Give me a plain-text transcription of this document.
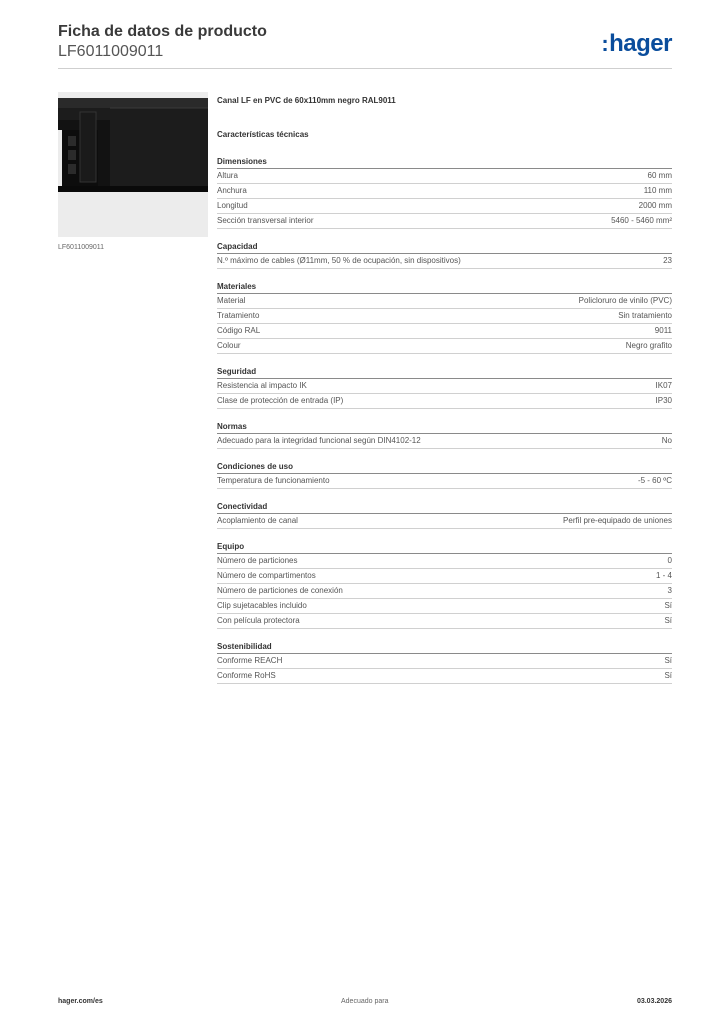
Ficha de datos de producto
LF6011009011	:hager
LF6011009011
Canal LF en PVC de 60x110mm negro RAL9011
Características técnicas
Dimensiones
Altura	60 mm
Anchura	110 mm
Longitud	2000 mm
Sección transversal interior	5460 - 5460 mm²
Capacidad
N.º máximo de cables (Ø11mm, 50 % de ocupación, sin dispositivos)	23
Materiales
Material	Policloruro de vinilo (PVC)
Tratamiento	Sin tratamiento
Código RAL	9011
Colour	Negro grafito
Seguridad
Resistencia al impacto IK	IK07
Clase de protección de entrada (IP)	IP30
Normas
Adecuado para la integridad funcional según DIN4102-12	No
Condiciones de uso
Temperatura de funcionamiento	-5 - 60 ºC
Conectividad
Acoplamiento de canal	Perfil pre-equipado de uniones
Equipo
Número de particiones	0
Número de compartimentos	1 - 4
Número de particiones de conexión	3
Clip sujetacables incluido	Sí
Con película protectora	Sí
Sostenibilidad
Conforme REACH	Sí
Conforme RoHS	Sí
hager.com/es	Adecuado para	03.03.2026
